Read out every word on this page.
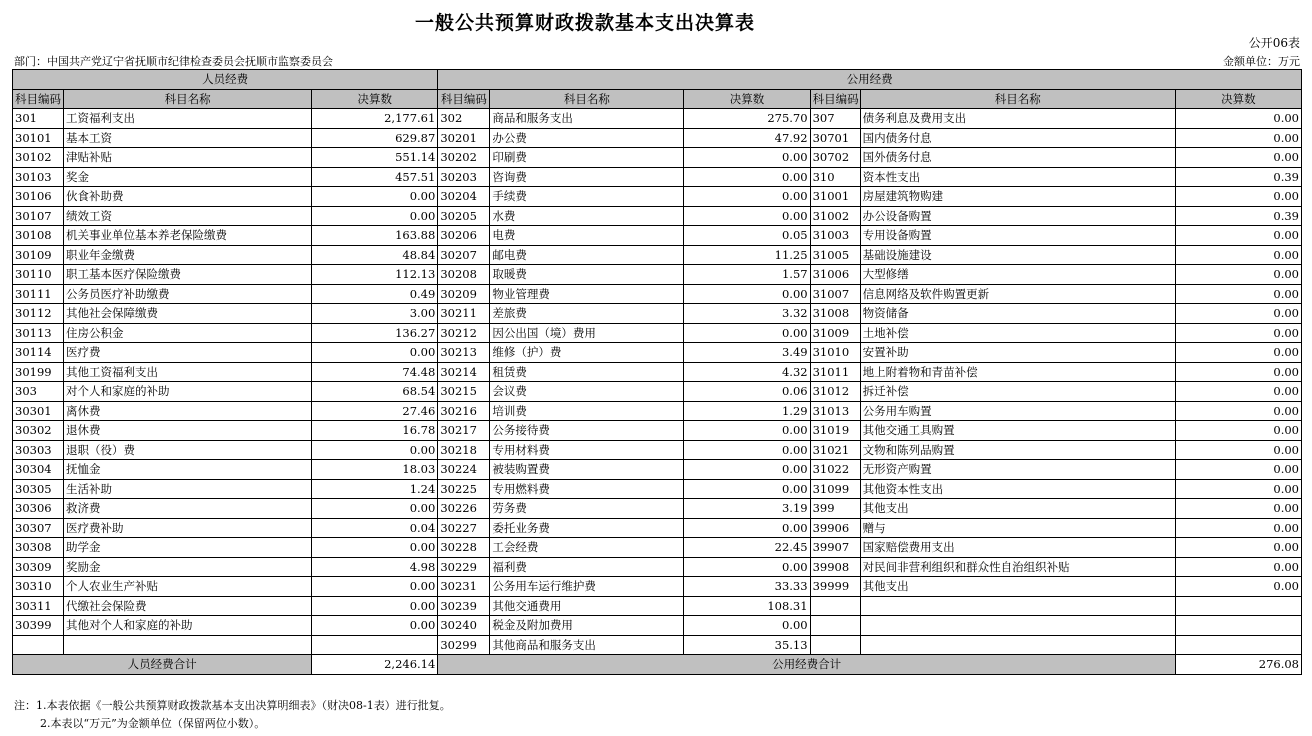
一般公共预算财政拨款基本支出决算表
公开06表
部门：中国共产党辽宁省抚顺市纪律检查委员会抚顺市监察委员会	金额单位：万元
人员经费			公用经费					
科目编码	科目名称	决算数	科目编码	科目名称	决算数	科目编码	科目名称	决算数
301	工资福利支出	2,177.61	302	商品和服务支出	275.70	307	债务利息及费用支出	0.00
30101	基本工资	629.87	30201	办公费	47.92	30701	国内债务付息	0.00
30102	津贴补贴	551.14	30202	印刷费	0.00	30702	国外债务付息	0.00
30103	奖金	457.51	30203	咨询费	0.00	310	资本性支出	0.39
30106	伙食补助费	0.00	30204	手续费	0.00	31001	房屋建筑物购建	0.00
30107	绩效工资	0.00	30205	水费	0.00	31002	办公设备购置	0.39
30108	机关事业单位基本养老保险缴费	163.88	30206	电费	0.05	31003	专用设备购置	0.00
30109	职业年金缴费	48.84	30207	邮电费	11.25	31005	基础设施建设	0.00
30110	职工基本医疗保险缴费	112.13	30208	取暖费	1.57	31006	大型修缮	0.00
30111	公务员医疗补助缴费	0.49	30209	物业管理费	0.00	31007	信息网络及软件购置更新	0.00
30112	其他社会保障缴费	3.00	30211	差旅费	3.32	31008	物资储备	0.00
30113	住房公积金	136.27	30212	因公出国（境）费用	0.00	31009	土地补偿	0.00
30114	医疗费	0.00	30213	维修（护）费	3.49	31010	安置补助	0.00
30199	其他工资福利支出	74.48	30214	租赁费	4.32	31011	地上附着物和青苗补偿	0.00
303	对个人和家庭的补助	68.54	30215	会议费	0.06	31012	拆迁补偿	0.00
30301	离休费	27.46	30216	培训费	1.29	31013	公务用车购置	0.00
30302	退休费	16.78	30217	公务接待费	0.00	31019	其他交通工具购置	0.00
30303	退职（役）费	0.00	30218	专用材料费	0.00	31021	文物和陈列品购置	0.00
30304	抚恤金	18.03	30224	被装购置费	0.00	31022	无形资产购置	0.00
30305	生活补助	1.24	30225	专用燃料费	0.00	31099	其他资本性支出	0.00
30306	救济费	0.00	30226	劳务费	3.19	399	其他支出	0.00
30307	医疗费补助	0.04	30227	委托业务费	0.00	39906	赠与	0.00
30308	助学金	0.00	30228	工会经费	22.45	39907	国家赔偿费用支出	0.00
30309	奖励金	4.98	30229	福利费	0.00	39908	对民间非营利组织和群众性自治组织补贴	0.00
30310	个人农业生产补贴	0.00	30231	公务用车运行维护费	33.33	39999	其他支出	0.00
30311	代缴社会保险费	0.00	30239	其他交通费用	108.31			
30399	其他对个人和家庭的补助	0.00	30240	税金及附加费用	0.00			
			30299	其他商品和服务支出	35.13			
人员经费合计		2,246.14	公用经费合计					276.08
注：1.本表依据《一般公共预算财政拨款基本支出决算明细表》（财决08-1表）进行批复。
2.本表以“万元”为金额单位（保留两位小数）。
